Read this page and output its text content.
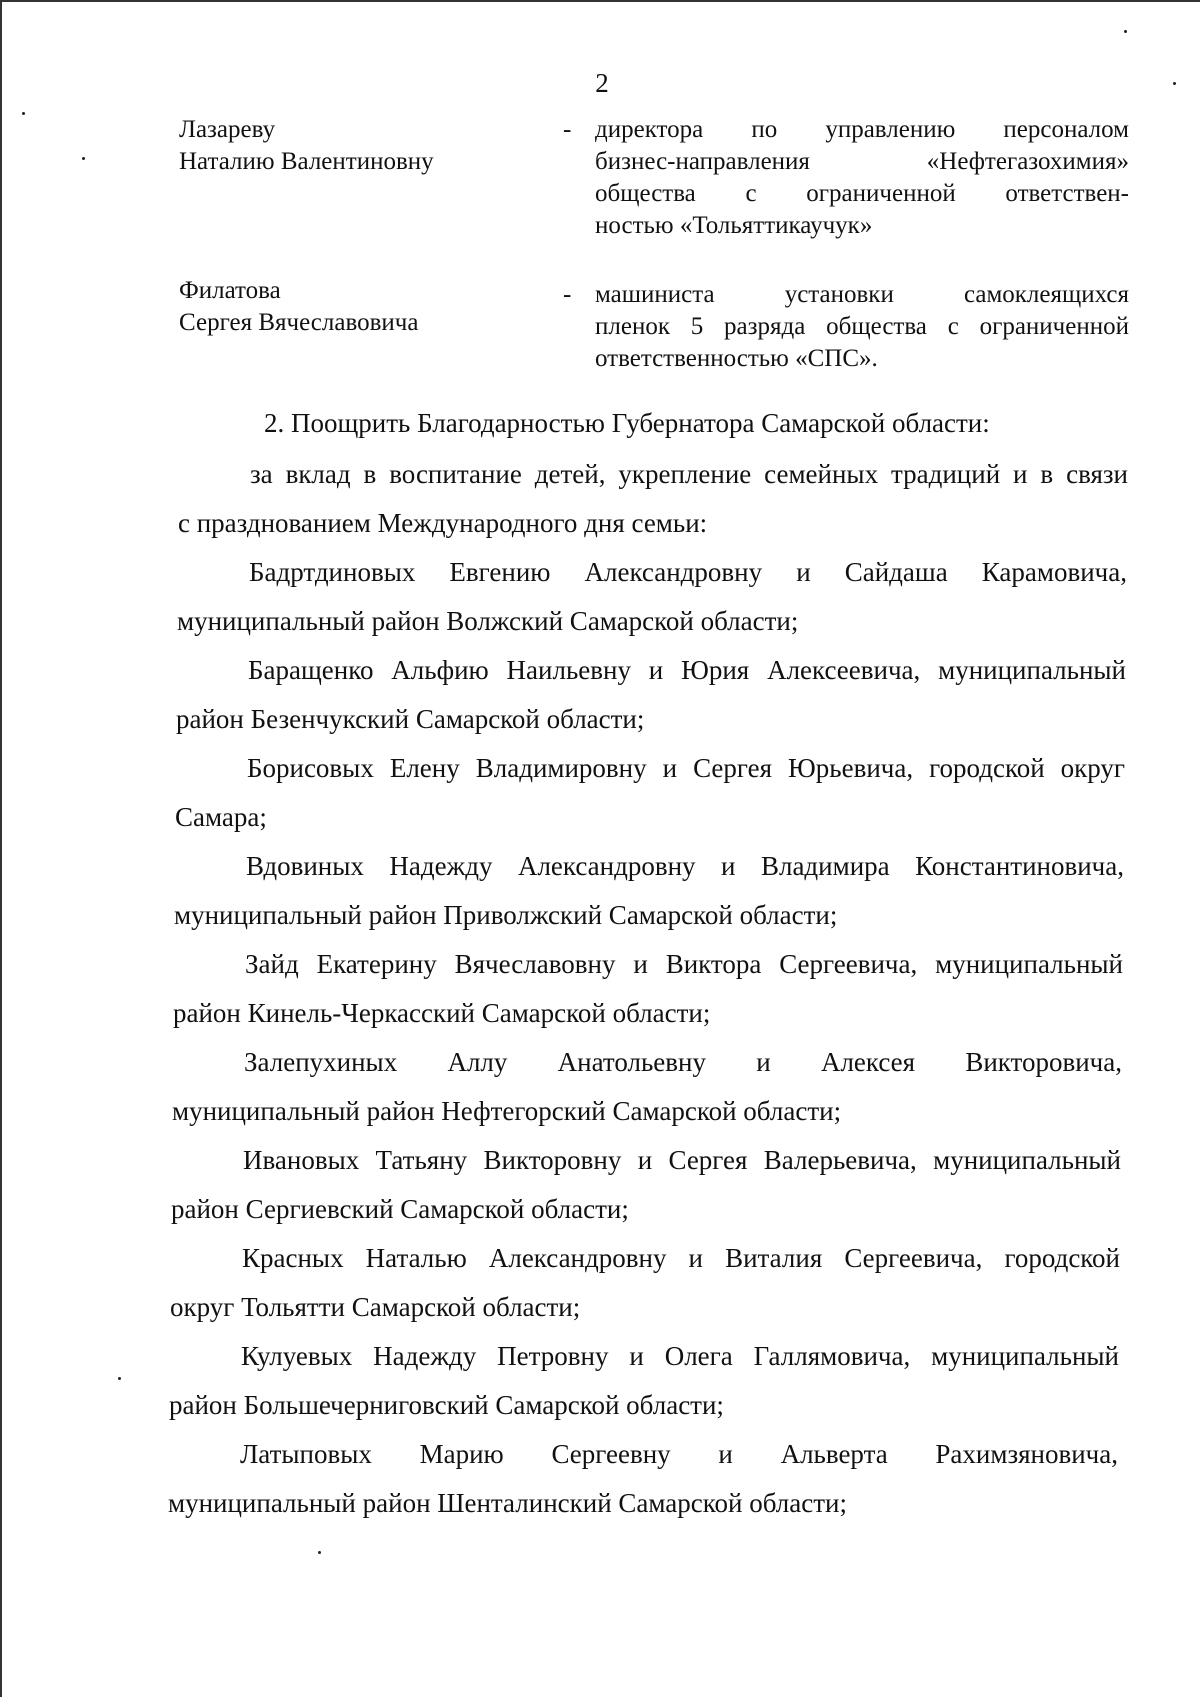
2
Лазареву
Наталию Валентиновну
- директора по управлению персоналом
бизнес-направления «Нефтегазохимия»
общества с ограниченной ответствен-
ностью «Тольяттикаучук»
Филатова
Сергея Вячеславовича
- машиниста установки самоклеящихся
пленок 5 разряда общества с ограниченной
ответственностью «СПС».
2. Поощрить Благодарностью Губернатора Самарской области:
за вклад в воспитание детей, укрепление семейных традиций и в связи
с празднованием Международного дня семьи:
Бадртдиновых Евгению Александровну и Сайдаша Карамовича,
муниципальный район Волжский Самарской области;
Баращенко Альфию Наильевну и Юрия Алексеевича, муниципальный
район Безенчукский Самарской области;
Борисовых Елену Владимировну и Сергея Юрьевича, городской округ
Самара;
Вдовиных Надежду Александровну и Владимира Константиновича,
муниципальный район Приволжский Самарской области;
Зайд Екатерину Вячеславовну и Виктора Сергеевича, муниципальный
район Кинель-Черкасский Самарской области;
Залепухиных Аллу Анатольевну и Алексея Викторовича,
муниципальный район Нефтегорский Самарской области;
Ивановых Татьяну Викторовну и Сергея Валерьевича, муниципальный
район Сергиевский Самарской области;
Красных Наталью Александровну и Виталия Сергеевича, городской
округ Тольятти Самарской области;
Кулуевых Надежду Петровну и Олега Галлямовича, муниципальный
район Большечерниговский Самарской области;
Латыповых Марию Сергеевну и Альверта Рахимзяновича,
муниципальный район Шенталинский Самарской области;
